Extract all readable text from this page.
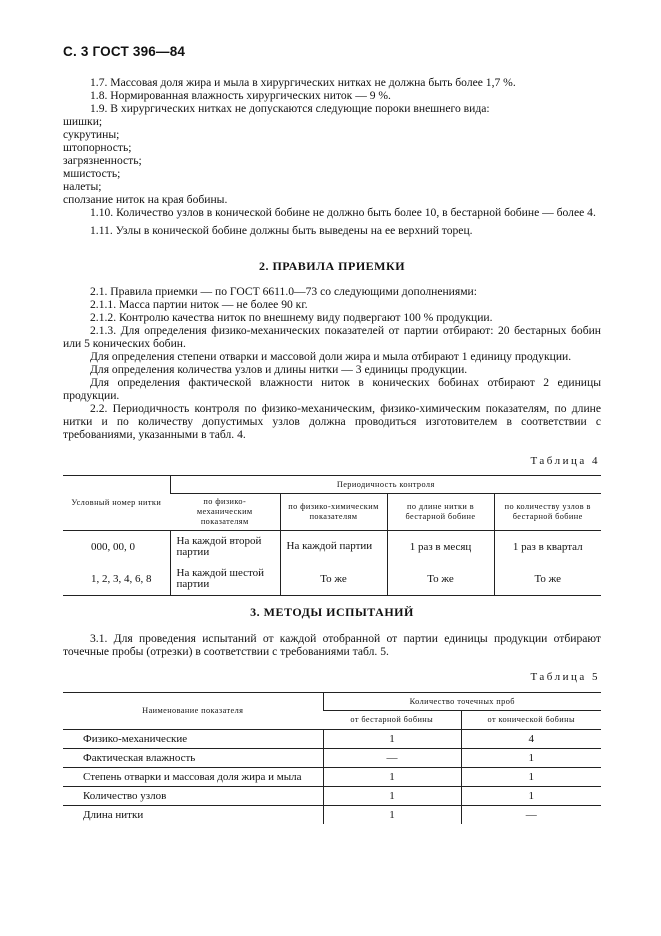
С. 3 ГОСТ 396—84

1.7. Массовая доля жира и мыла в хирургических нитках не должна быть более 1,7 %.

1.8. Нормированная влажность хирургических ниток — 9 %.

1.9. В хирургических нитках не допускаются следующие пороки внешнего вида:

шишки;

сукрутины;

штопорность;

загрязненность;

мшистость;

налеты;

сползание ниток на края бобины.

1.10. Количество узлов в конической бобине не должно быть более 10, в бестарной бобине — более 4.

1.11. Узлы в конической бобине должны быть выведены на ее верхний торец.

2. ПРАВИЛА ПРИЕМКИ

2.1. Правила приемки — по ГОСТ 6611.0—73 со следующими дополнениями:

2.1.1. Масса партии ниток — не более 90 кг.

2.1.2. Контролю качества ниток по внешнему виду подвергают 100 % продукции.

2.1.3. Для определения физико-механических показателей от партии отбирают: 20 бестарных бобин или 5 конических бобин.

Для определения степени отварки и массовой доли жира и мыла отбирают 1 единицу продукции.

Для определения количества узлов и длины нитки — 3 единицы продукции.

Для определения фактической влажности ниток в конических бобинах отбирают 2 единицы продукции.

2.2. Периодичность контроля по физико-механическим, физико-химическим показателям, по длине нитки и по количеству допустимых узлов должна проводиться изготовителем в соответствии с требованиями, указанными в табл. 4.

Таблица 4
Условный номер нитки	Периодичность контроля			
	по физико-механическим показателям	по физико-химическим показателям	по длине нитки в бестарной бобине	по количеству узлов в бестарной бобине
000, 00, 0	На каждой второй партии	На каждой партии	1 раз в месяц	1 раз в квартал
1, 2, 3, 4, 6, 8	На каждой шестой партии	То же	То же	То же
3. МЕТОДЫ ИСПЫТАНИЙ

3.1. Для проведения испытаний от каждой отобранной от партии единицы продукции отбирают точечные пробы (отрезки) в соответствии с требованиями табл. 5.

Таблица 5
Наименование показателя	Количество точечных проб	
	от бестарной бобины	от конической бобины
Физико-механические	1	4
Фактическая влажность	—	1
Степень отварки и массовая доля жира и мыла	1	1
Количество узлов	1	1
Длина нитки	1	—
